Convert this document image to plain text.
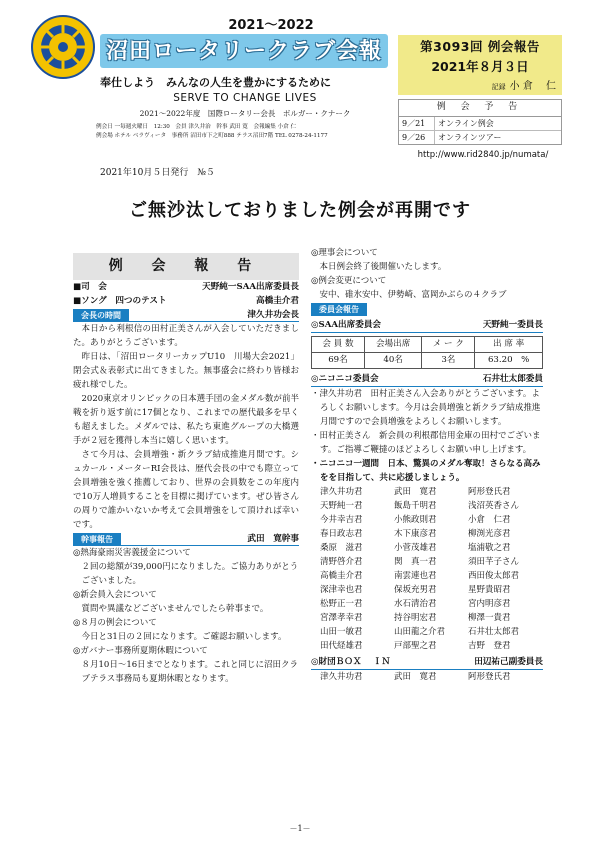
2021～2022
沼田ロータリークラブ会報
奉仕しよう　みんなの人生を豊かにするために
SERVE TO CHANGE LIVES
2021～2022年度　国際ロータリー会長　ボルガー・クナーク
例会日 一毎週火曜日　12:30　会員 津久井治　幹事 武田 寛　会報編集 小倉 仁
例会場 ホテル ベラヴィータ　事務所 沼田市下之町888 テラス沼田7階 TEL 0278-24-1177
第3093回 例会報告
2021年８月３日
記録 小 倉　 仁
例 会 予 告
9／21	オンライン例会
9／26	オンラインツアー
http://www.rid2840.jp/numata/
2021年10月５日発行　№５
ご無沙汰しておりました例会が再開です
例 会 報 告
■司　会	天野純一SAA出席委員長
■ソング　四つのテスト	高橋圭介君
会長の時間	津久井功会長

本日から利根信の田村正美さんが入会していただきました。ありがとうございます。

昨日は、「沼田ロータリーカップU10　川場大会2021」閉会式＆表彰式に出てきました。無事盛会に終わり皆様お疲れ様でした。

2020東京オリンピックの日本選手団の金メダル数が前半戦を折り返す前に17個となり、これまでの歴代最多を早くも超えました。メダルでは、私たち東進グループの大橋選手が２冠を獲得し本当に嬉しく思います。

さて今月は、会員増強・新クラブ結成推進月間です。シュカール・メーターRI会長は、歴代会長の中でも際立って会員増強を強く推薦しており、世界の会員数をこの年度内で10万人増員することを目標に掲げています。ぜひ皆さんの周りで誰かいないか考えて会員増強をして頂ければ幸いです。

幹事報告	武田　寛幹事
◎熱海豪雨災害義援金について
２回の総額が39,000円になりました。ご協力ありがとうございました。
◎新会員入会について
質問や異議などございませんでしたら幹事まで。
◎８月の例会について
今日と31日の２回になります。ご確認お願いします。
◎ガバナー事務所夏期休暇について
８月10日～16日までとなります。これと同じに沼田クラブテラス事務局も夏期休暇となります。
◎理事会について
本日例会終了後開催いたします。
◎例会変更について
安中、碓氷安中、伊勢崎、富岡かぶらの４クラブ
委員会報告
◎SAA出席委員会	天野純一委員長
会 員 数	会場出席	メ ー ク	出 席 率
69名	40名	3名	63.20　%
◎ニコニコ委員会	石井壮太郎委員
・津久井功君　田村正美さん入会ありがとうございます。よろしくお願いします。今月は会員増強と新クラブ結成推進月間ですので会員増強をよろしくお願いします。
・田村正美さん　新会員の利根郡信用金庫の田村でございます。ご指導ご鞭撻のほどよろしくお願い申し上げます。
・ニコニコ一週間　日本、驚異のメダル奪取！さらなる高みをを目指して、共に応援しましょう。
津久井功君	武田　寛君	阿形登氏君
天野純一君	飯島千明君	浅沼英香さん
今井幸吉君	小熊政則君	小倉　仁君
春日政志君	木下康彦君	柳渕光彦君
桑原　滋君	小菅茂雄君	塩浦敬之君
清野啓介君	関　真一君	須田芊子さん
高橋圭介君	南雲連也君	西田俊太郎君
深津幸也君	保坂充男君	星野貴昭君
松野正一君	水石清治君	宮内明彦君
宮澤孝幸君	持谷明宏君	柳澤一貴君
山田一敏君	山田龍之介君	石井壮太郎君
田代経雄君	戸部聖之君	吉野　登君
◎財団ＢＯＸ　 ＩＮ	田辺祐己副委員長
津久井功君	武田　寛君	阿形登氏君
－1－
